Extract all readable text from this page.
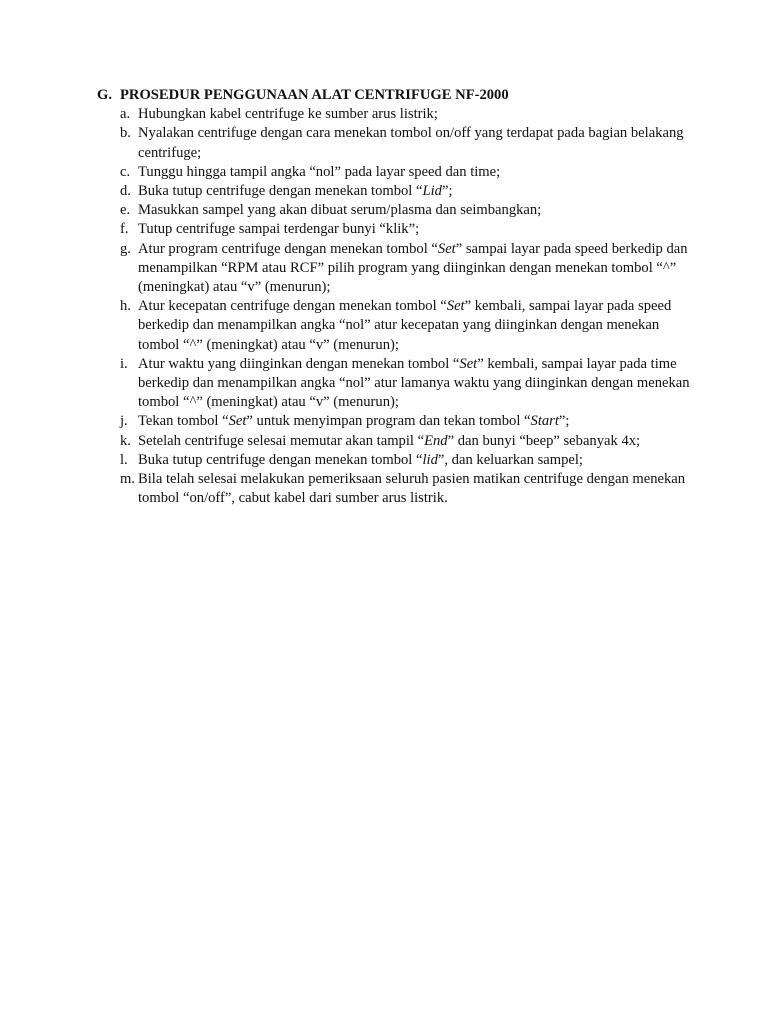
G. PROSEDUR PENGGUNAAN ALAT CENTRIFUGE NF-2000
a. Hubungkan kabel centrifuge ke sumber arus listrik;
b. Nyalakan centrifuge dengan cara menekan tombol on/off yang terdapat pada bagian belakang centrifuge;
c. Tunggu hingga tampil angka “nol” pada layar speed dan time;
d. Buka tutup centrifuge dengan menekan tombol “Lid”;
e. Masukkan sampel yang akan dibuat serum/plasma dan seimbangkan;
f. Tutup centrifuge sampai terdengar bunyi “klik”;
g. Atur program centrifuge dengan menekan tombol “Set” sampai layar pada speed berkedip dan menampilkan “RPM atau RCF” pilih program yang diinginkan dengan menekan tombol “^” (meningkat) atau “v” (menurun);
h. Atur kecepatan centrifuge dengan menekan tombol “Set” kembali, sampai layar pada speed berkedip dan menampilkan angka “nol” atur kecepatan yang diinginkan dengan menekan tombol “^” (meningkat) atau “v” (menurun);
i. Atur waktu yang diinginkan dengan menekan tombol “Set” kembali, sampai layar pada time berkedip dan menampilkan angka “nol” atur lamanya waktu yang diinginkan dengan menekan tombol “^” (meningkat) atau “v” (menurun);
j. Tekan tombol “Set” untuk menyimpan program dan tekan tombol “Start”;
k. Setelah centrifuge selesai memutar akan tampil “End” dan bunyi “beep” sebanyak 4x;
l. Buka tutup centrifuge dengan menekan tombol “lid”, dan keluarkan sampel;
m. Bila telah selesai melakukan pemeriksaan seluruh pasien matikan centrifuge dengan menekan tombol “on/off”, cabut kabel dari sumber arus listrik.
